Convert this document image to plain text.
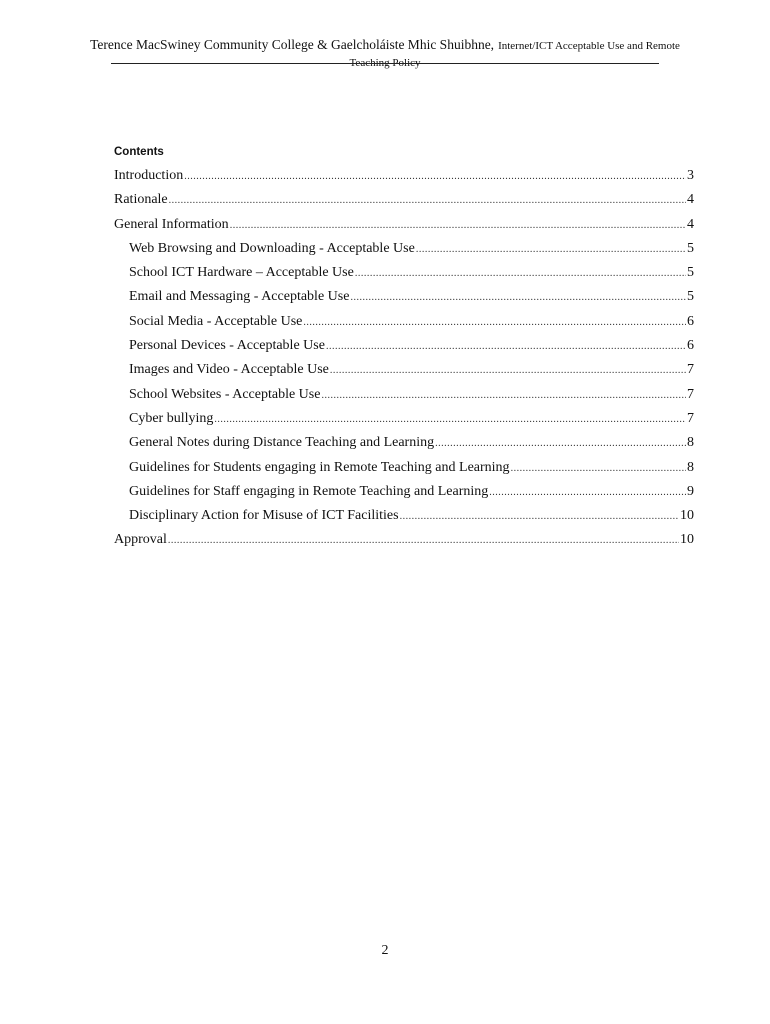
Terence MacSwiney Community College & Gaelcholáiste Mhic Shuibhne, Internet/ICT Acceptable Use and Remote
Teaching Policy
Contents
Introduction .....	3
Rationale .....	4
General Information .....	4
Web Browsing and Downloading - Acceptable Use .....	5
School ICT Hardware – Acceptable Use .....	5
Email and Messaging - Acceptable Use .....	5
Social Media - Acceptable Use .....	6
Personal Devices - Acceptable Use .....	6
Images and Video - Acceptable Use .....	7
School Websites - Acceptable Use .....	7
Cyber bullying .....	7
General Notes during Distance Teaching and Learning .....	8
Guidelines for Students engaging in Remote Teaching and Learning .....	8
Guidelines for Staff engaging in Remote Teaching and Learning .....	9
Disciplinary Action for Misuse of ICT Facilities .....	10
Approval .....	10
2
